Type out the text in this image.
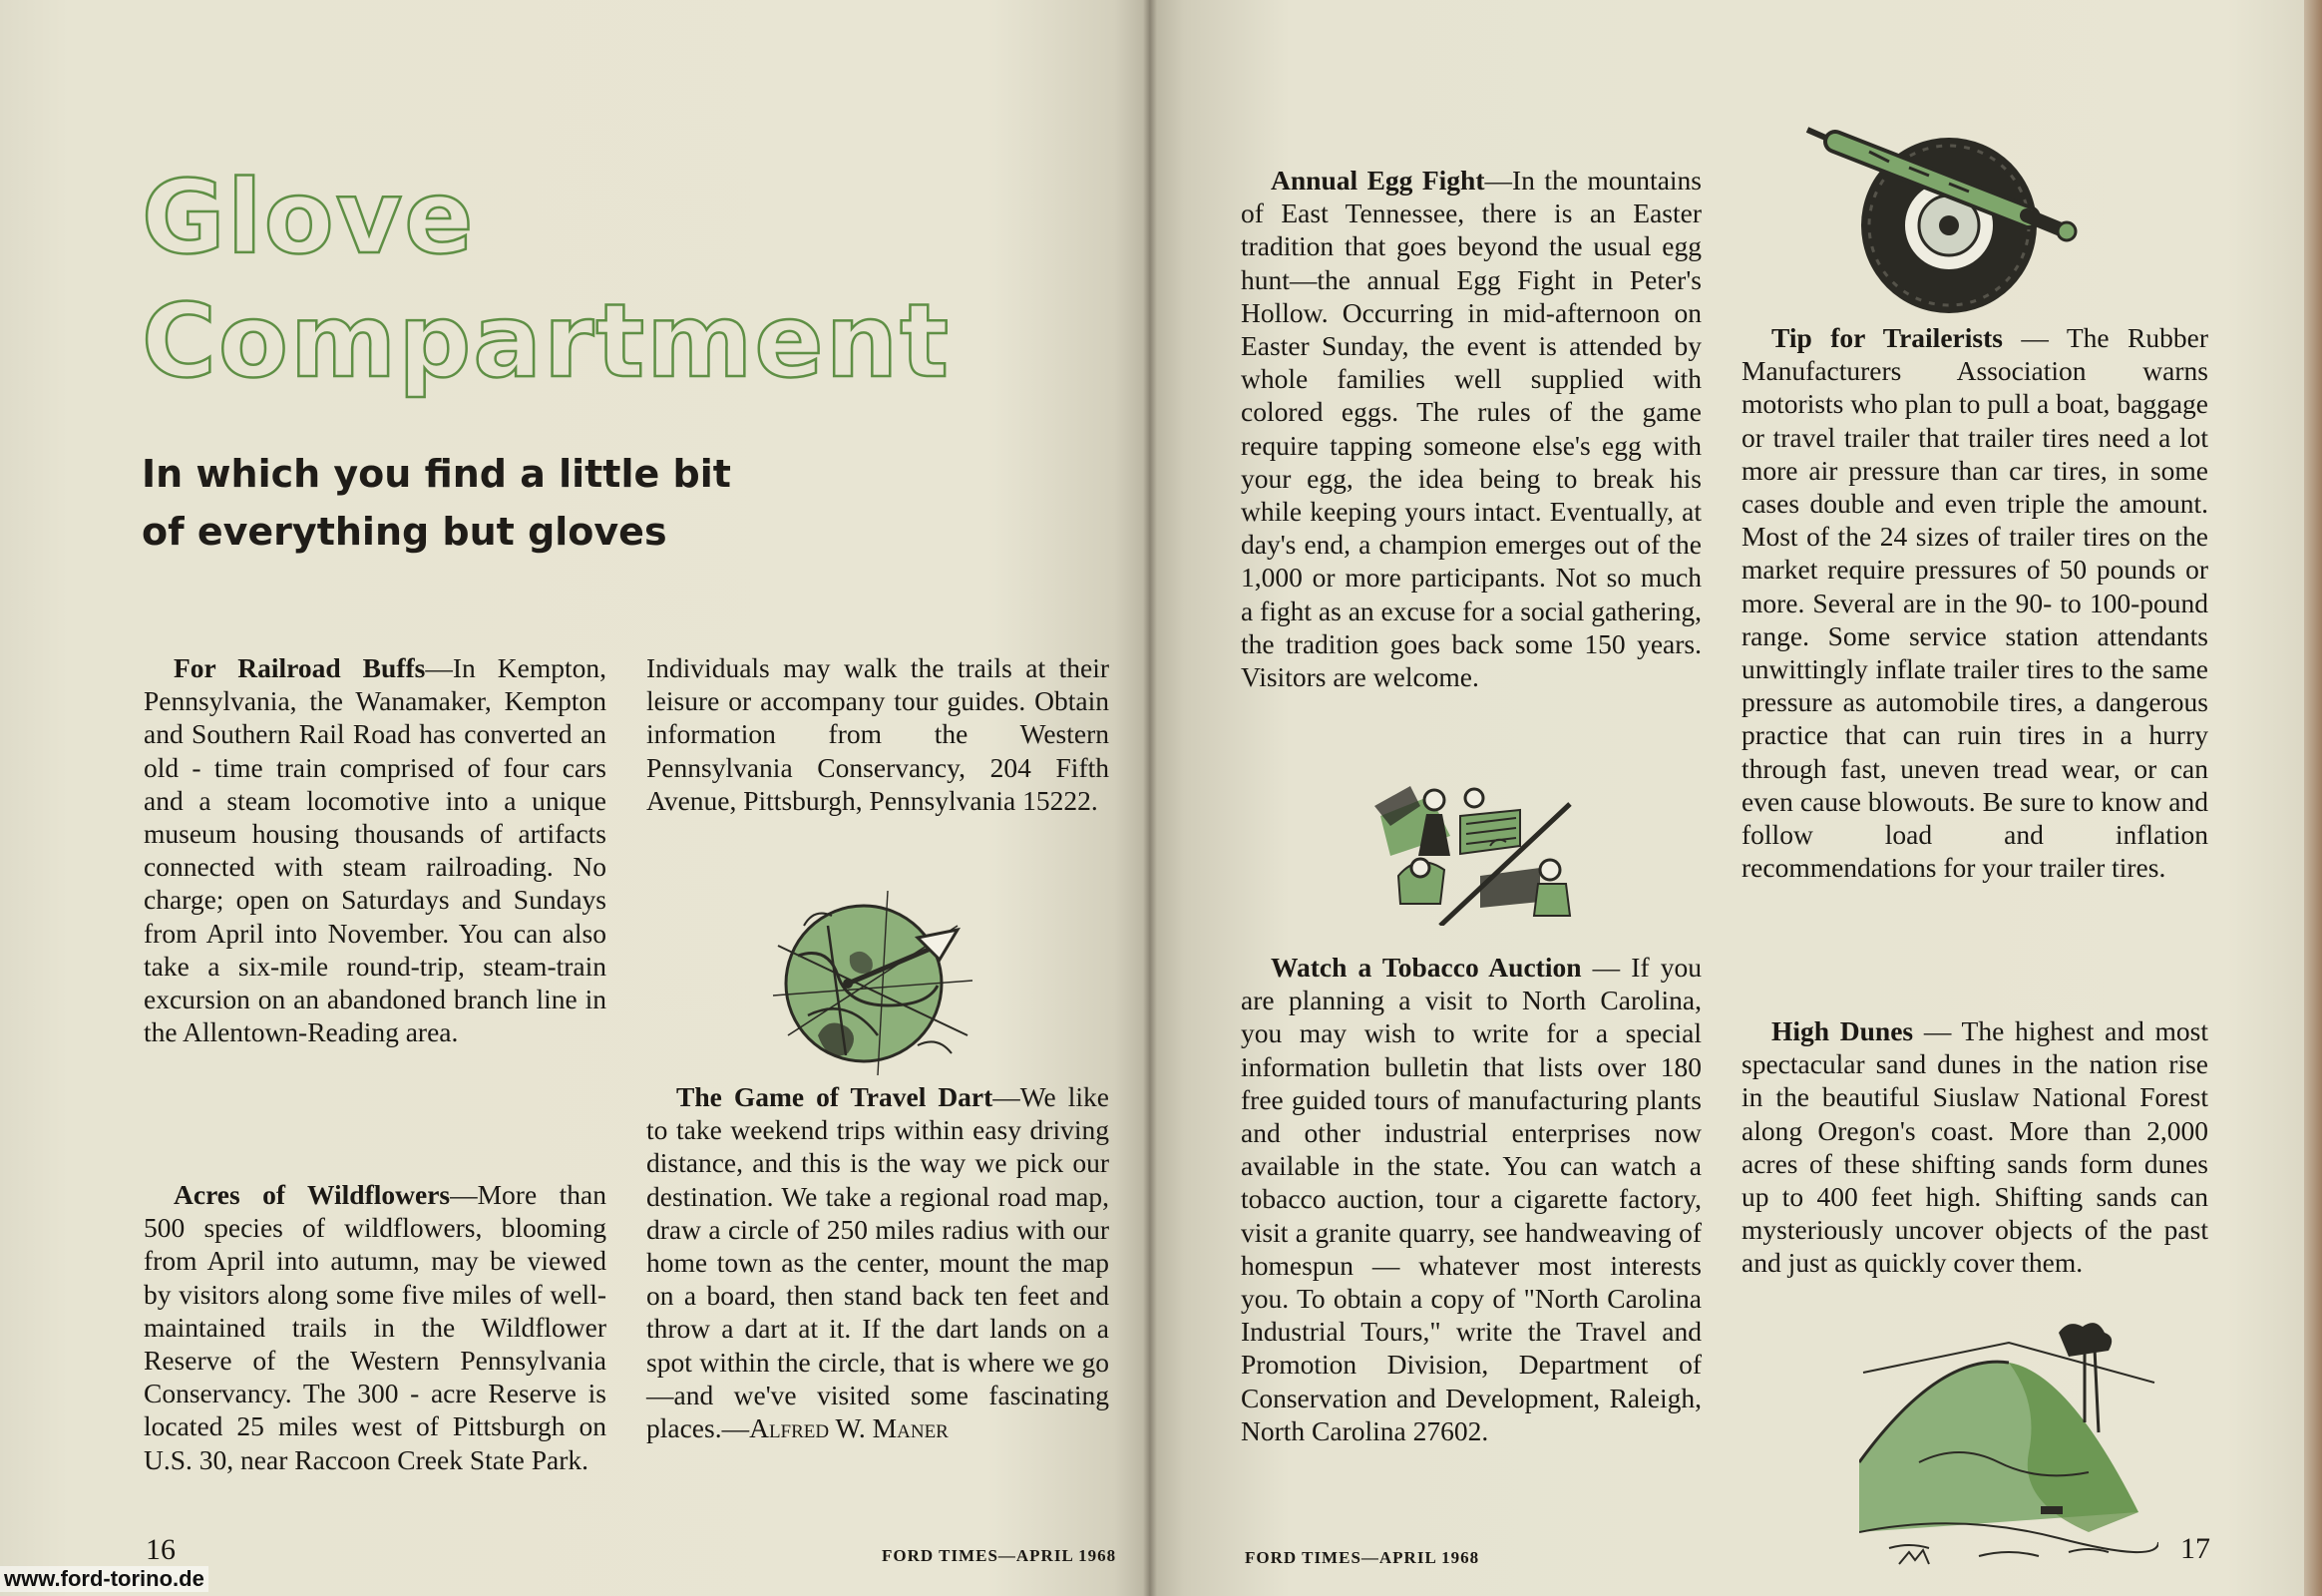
Glove
Compartment
In which you find a little bit
of everything but gloves

For Railroad Buffs—In Kempton, Pennsylvania, the Wanamaker, Kempton and Southern Rail Road has converted an old - time train comprised of four cars and a steam locomotive into a unique museum housing thousands of artifacts connected with steam railroading. No charge; open on Saturdays and Sundays from April into November. You can also take a six-mile round-trip, steam-train excursion on an abandoned branch line in the Allentown-Reading area.

Acres of Wildflowers—More than 500 species of wildflowers, blooming from April into autumn, may be viewed by visitors along some five miles of well-maintained trails in the Wildflower Reserve of the Western Pennsylvania Conservancy. The 300 - acre Reserve is located 25 miles west of Pittsburgh on U.S. 30, near Raccoon Creek State Park.

Individuals may walk the trails at their leisure or accompany tour guides. Obtain information from the Western Pennsylvania Conservancy, 204 Fifth Avenue, Pittsburgh, Pennsylvania 15222.

The Game of Travel Dart—We like to take weekend trips within easy driving distance, and this is the way we pick our destination. We take a regional road map, draw a circle of 250 miles radius with our home town as the center, mount the map on a board, then stand back ten feet and throw a dart at it. If the dart lands on a spot within the circle, that is where we go—and we've visited some fascinating places.—Alfred W. Maner

16	FORD TIMES—APRIL 1968

Annual Egg Fight—In the mountains of East Tennessee, there is an Easter tradition that goes beyond the usual egg hunt—the annual Egg Fight in Peter's Hollow. Occurring in mid-afternoon on Easter Sunday, the event is attended by whole families well supplied with colored eggs. The rules of the game require tapping someone else's egg with your egg, the idea being to break his while keeping yours intact. Eventually, at day's end, a champion emerges out of the 1,000 or more participants. Not so much a fight as an excuse for a social gathering, the tradition goes back some 150 years. Visitors are welcome.

Watch a Tobacco Auction — If you are planning a visit to North Carolina, you may wish to write for a special information bulletin that lists over 180 free guided tours of manufacturing plants and other industrial enterprises now available in the state. You can watch a tobacco auction, tour a cigarette factory, visit a granite quarry, see handweaving of homespun — whatever most interests you. To obtain a copy of "North Carolina Industrial Tours," write the Travel and Promotion Division, Department of Conservation and Development, Raleigh, North Carolina 27602.

Tip for Trailerists — The Rubber Manufacturers Association warns motorists who plan to pull a boat, baggage or travel trailer that trailer tires need a lot more air pressure than car tires, in some cases double and even triple the amount. Most of the 24 sizes of trailer tires on the market require pressures of 50 pounds or more. Several are in the 90- to 100-pound range. Some service station attendants unwittingly inflate trailer tires to the same pressure as automobile tires, a dangerous practice that can ruin tires in a hurry through fast, uneven tread wear, or can even cause blowouts. Be sure to know and follow load and inflation recommendations for your trailer tires.

High Dunes — The highest and most spectacular sand dunes in the nation rise in the beautiful Siuslaw National Forest along Oregon's coast. More than 2,000 acres of these shifting sands form dunes up to 400 feet high. Shifting sands can mysteriously uncover objects of the past and just as quickly cover them.

FORD TIMES—APRIL 1968	17
www.ford-torino.de
